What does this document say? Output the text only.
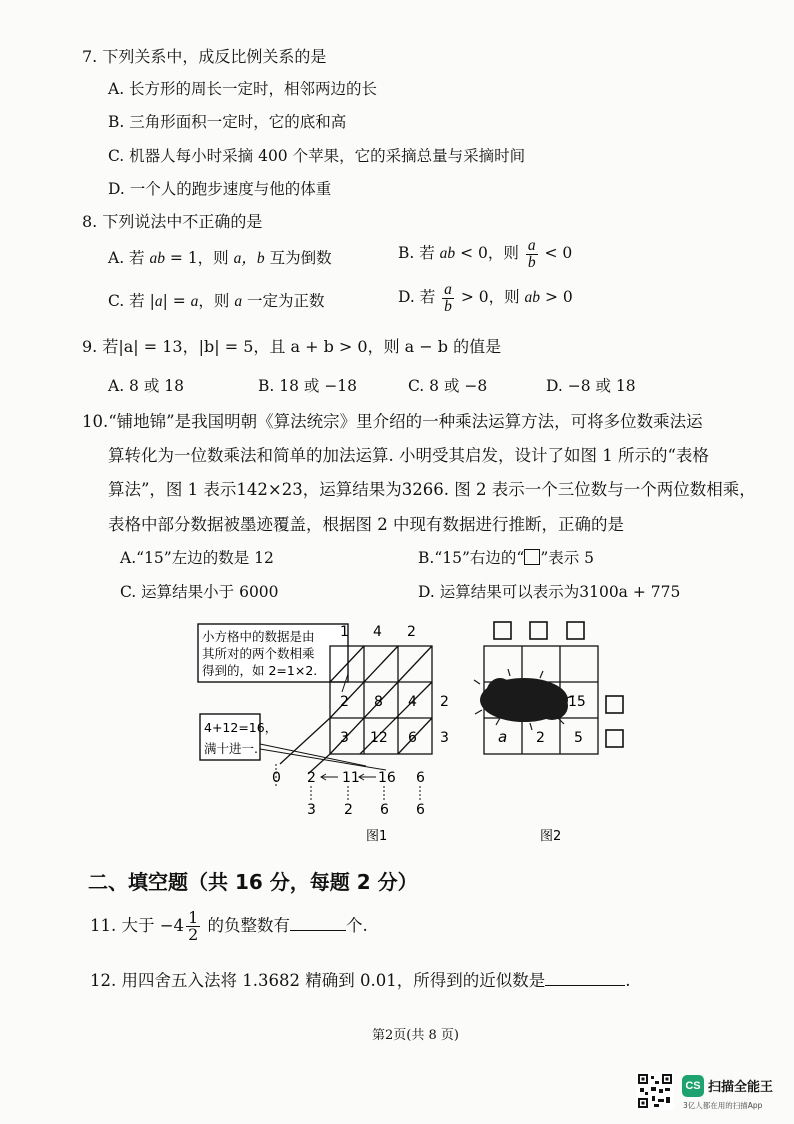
7. 下列关系中，成反比例关系的是
A. 长方形的周长一定时，相邻两边的长
B. 三角形面积一定时，它的底和高
C. 机器人每小时采摘 400 个苹果，它的采摘总量与采摘时间
D. 一个人的跑步速度与他的体重
8. 下列说法中不正确的是
A. 若 ab = 1，则 a，b 互为倒数	B. 若 ab < 0，则 $\frac{a}{b} < 0$
C. 若 |a| = a，则 a 一定为正数	D. 若 $\frac{a}{b} > 0$，则 ab > 0
9. 若|a| = 13，|b| = 5，且 a + b > 0，则 a − b 的值是
A. 8 或 18	B. 18 或 −18	C. 8 或 −8	D. −8 或 18
10.“铺地锦”是我国明朝《算法统宗》里介绍的一种乘法运算方法，可将多位数乘法运
算转化为一位数乘法和简单的加法运算. 小明受其启发，设计了如图 1 所示的“表格
算法”，图 1 表示142×23，运算结果为3266. 图 2 表示一个三位数与一个两位数相乘，
表格中部分数据被墨迹覆盖，根据图 2 中现有数据进行推断，正确的是
A.“15”左边的数是 12	B.“15”右边的“ ”表示 5
C. 运算结果小于 6000	D. 运算结果可以表示为3100a + 775
小方格中的数据是由
其所对的两个数相乘
得到的，如 2=1×2.
1 4 2
2 8 4
3 12 6
2
3
4+12=16，
满十进一.
0 2 11 16 6
3 2 6 6
图1
15
a 2 5
图2
二、填空题（共 16 分，每题 2 分）
11. 大于 $-4 \frac{1}{2}$ 的负整数有	个.
12. 用四舍五入法将 1.3682 精确到 0.01，所得到的近似数是	.
第2页(共 8 页)
CS 扫描全能王
3亿人都在用的扫描App
